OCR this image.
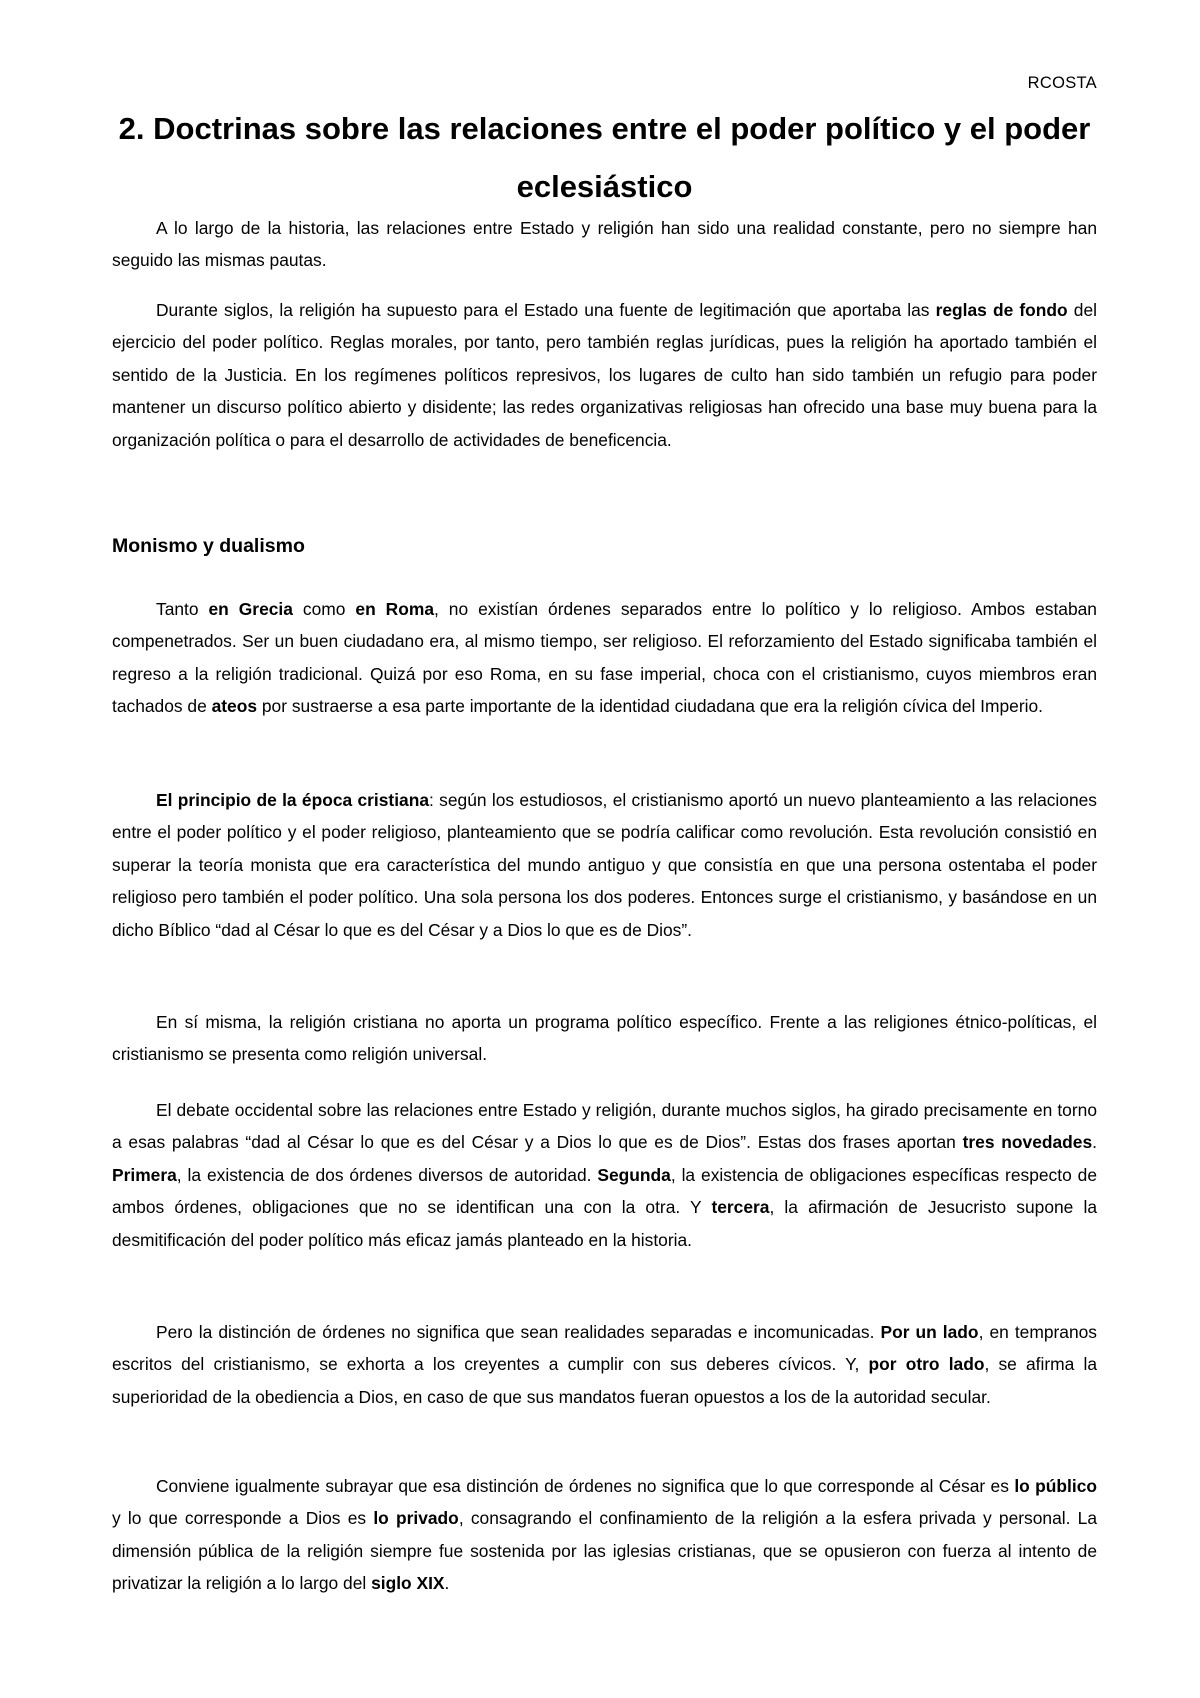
RCOSTA
2. Doctrinas sobre las relaciones entre el poder político y el poder eclesiástico

A lo largo de la historia, las relaciones entre Estado y religión han sido una realidad constante, pero no siempre han seguido las mismas pautas.

Durante siglos, la religión ha supuesto para el Estado una fuente de legitimación que aportaba las reglas de fondo del ejercicio del poder político. Reglas morales, por tanto, pero también reglas jurídicas, pues la religión ha aportado también el sentido de la Justicia. En los regímenes políticos represivos, los lugares de culto han sido también un refugio para poder mantener un discurso político abierto y disidente; las redes organizativas religiosas han ofrecido una base muy buena para la organización política o para el desarrollo de actividades de beneficencia.

Monismo y dualismo

Tanto en Grecia como en Roma, no existían órdenes separados entre lo político y lo religioso. Ambos estaban compenetrados. Ser un buen ciudadano era, al mismo tiempo, ser religioso. El reforzamiento del Estado significaba también el regreso a la religión tradicional. Quizá por eso Roma, en su fase imperial, choca con el cristianismo, cuyos miembros eran tachados de ateos por sustraerse a esa parte importante de la identidad ciudadana que era la religión cívica del Imperio.

El principio de la época cristiana: según los estudiosos, el cristianismo aportó un nuevo planteamiento a las relaciones entre el poder político y el poder religioso, planteamiento que se podría calificar como revolución. Esta revolución consistió en superar la teoría monista que era característica del mundo antiguo y que consistía en que una persona ostentaba el poder religioso pero también el poder político. Una sola persona los dos poderes. Entonces surge el cristianismo, y basándose en un dicho Bíblico “dad al César lo que es del César y a Dios lo que es de Dios”.

En sí misma, la religión cristiana no aporta un programa político específico. Frente a las religiones étnico-políticas, el cristianismo se presenta como religión universal.

El debate occidental sobre las relaciones entre Estado y religión, durante muchos siglos, ha girado precisamente en torno a esas palabras “dad al César lo que es del César y a Dios lo que es de Dios”. Estas dos frases aportan tres novedades. Primera, la existencia de dos órdenes diversos de autoridad. Segunda, la existencia de obligaciones específicas respecto de ambos órdenes, obligaciones que no se identifican una con la otra. Y tercera, la afirmación de Jesucristo supone la desmitificación del poder político más eficaz jamás planteado en la historia.

Pero la distinción de órdenes no significa que sean realidades separadas e incomunicadas. Por un lado, en tempranos escritos del cristianismo, se exhorta a los creyentes a cumplir con sus deberes cívicos. Y, por otro lado, se afirma la superioridad de la obediencia a Dios, en caso de que sus mandatos fueran opuestos a los de la autoridad secular.

Conviene igualmente subrayar que esa distinción de órdenes no significa que lo que corresponde al César es lo público y lo que corresponde a Dios es lo privado, consagrando el confinamiento de la religión a la esfera privada y personal. La dimensión pública de la religión siempre fue sostenida por las iglesias cristianas, que se opusieron con fuerza al intento de privatizar la religión a lo largo del siglo XIX.
